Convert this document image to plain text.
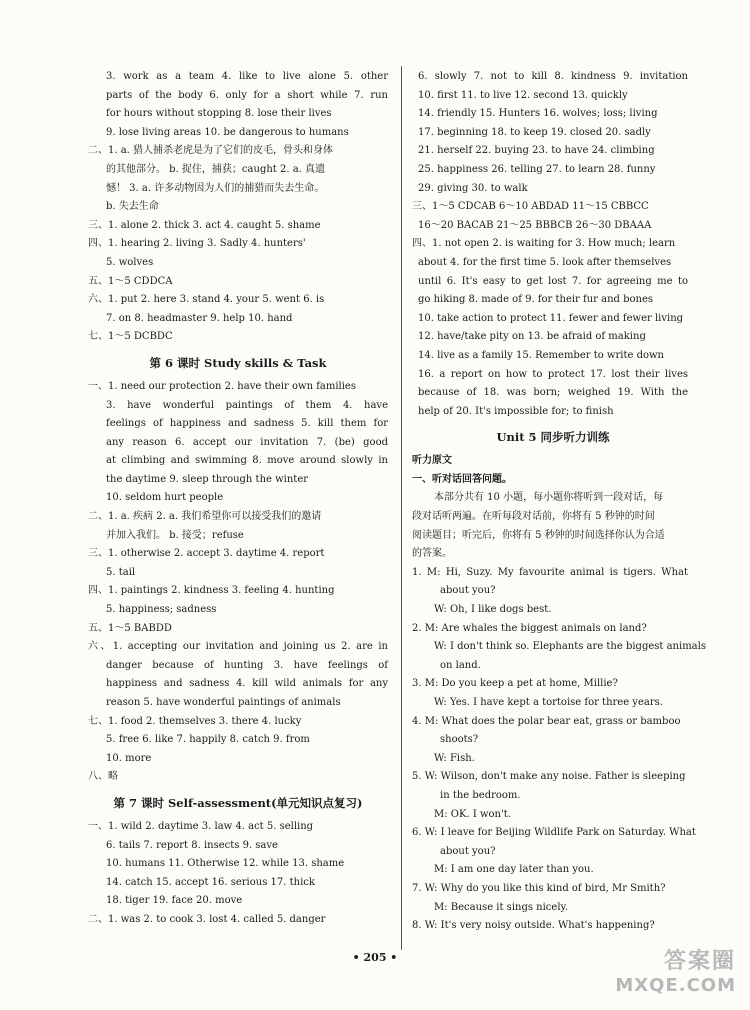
3. work as a team 4. like to live alone 5. other
parts of the body 6. only for a short while 7. run
for hours without stopping 8. lose their lives
9. lose living areas 10. be dangerous to humans
二、1. a. 猎人捕杀老虎是为了它们的皮毛，骨头和身体
的其他部分。 b. 捉住，捕获；caught 2. a. 真遗
憾！ 3. a. 许多动物因为人们的捕猎而失去生命。
b. 失去生命
三、1. alone 2. thick 3. act 4. caught 5. shame
四、1. hearing 2. living 3. Sadly 4. hunters'
5. wolves
五、1～5 CDDCA
六、1. put 2. here 3. stand 4. your 5. went 6. is
7. on 8. headmaster 9. help 10. hand
七、1～5 DCBDC
第 6 课时 Study skills & Task
一、1. need our protection 2. have their own families
3. have wonderful paintings of them 4. have
feelings of happiness and sadness 5. kill them for
any reason 6. accept our invitation 7. (be) good
at climbing and swimming 8. move around slowly in
the daytime 9. sleep through the winter
10. seldom hurt people
二、1. a. 疾病 2. a. 我们希望你可以接受我们的邀请
并加入我们。 b. 接受；refuse
三、1. otherwise 2. accept 3. daytime 4. report
5. tail
四、1. paintings 2. kindness 3. feeling 4. hunting
5. happiness; sadness
五、1～5 BABDD
六、1. accepting our invitation and joining us 2. are in
danger because of hunting 3. have feelings of
happiness and sadness 4. kill wild animals for any
reason 5. have wonderful paintings of animals
七、1. food 2. themselves 3. there 4. lucky
5. free 6. like 7. happily 8. catch 9. from
10. more
八、略
第 7 课时 Self-assessment(单元知识点复习)
一、1. wild 2. daytime 3. law 4. act 5. selling
6. tails 7. report 8. insects 9. save
10. humans 11. Otherwise 12. while 13. shame
14. catch 15. accept 16. serious 17. thick
18. tiger 19. face 20. move
二、1. was 2. to cook 3. lost 4. called 5. danger
6. slowly 7. not to kill 8. kindness 9. invitation
10. first 11. to live 12. second 13. quickly
14. friendly 15. Hunters 16. wolves; loss; living
17. beginning 18. to keep 19. closed 20. sadly
21. herself 22. buying 23. to have 24. climbing
25. happiness 26. telling 27. to learn 28. funny
29. giving 30. to walk
三、1～5 CDCAB 6～10 ABDAD 11～15 CBBCC
16～20 BACAB 21～25 BBBCB 26～30 DBAAA
四、1. not open 2. is waiting for 3. How much; learn
about 4. for the first time 5. look after themselves
until 6. It's easy to get lost 7. for agreeing me to
go hiking 8. made of 9. for their fur and bones
10. take action to protect 11. fewer and fewer living
12. have/take pity on 13. be afraid of making
14. live as a family 15. Remember to write down
16. a report on how to protect 17. lost their lives
because of 18. was born; weighed 19. With the
help of 20. It's impossible for; to finish
Unit 5 同步听力训练
听力原文
一、听对话回答问题。
本部分共有 10 小题，每小题你将听到一段对话，每
段对话听两遍。在听每段对话前，你将有 5 秒钟的时间
阅读题目；听完后，你将有 5 秒钟的时间选择你认为合适
的答案。
1. M: Hi, Suzy. My favourite animal is tigers. What
about you?
W: Oh, I like dogs best.
2. M: Are whales the biggest animals on land?
W: I don't think so. Elephants are the biggest animals
on land.
3. M: Do you keep a pet at home, Millie?
W: Yes. I have kept a tortoise for three years.
4. M: What does the polar bear eat, grass or bamboo
shoots?
W: Fish.
5. W: Wilson, don't make any noise. Father is sleeping
in the bedroom.
M: OK. I won't.
6. W: I leave for Beijing Wildlife Park on Saturday. What
about you?
M: I am one day later than you.
7. W: Why do you like this kind of bird, Mr Smith?
M: Because it sings nicely.
8. W: It's very noisy outside. What's happening?
• 205 •	答案圈
MXQE.COM
